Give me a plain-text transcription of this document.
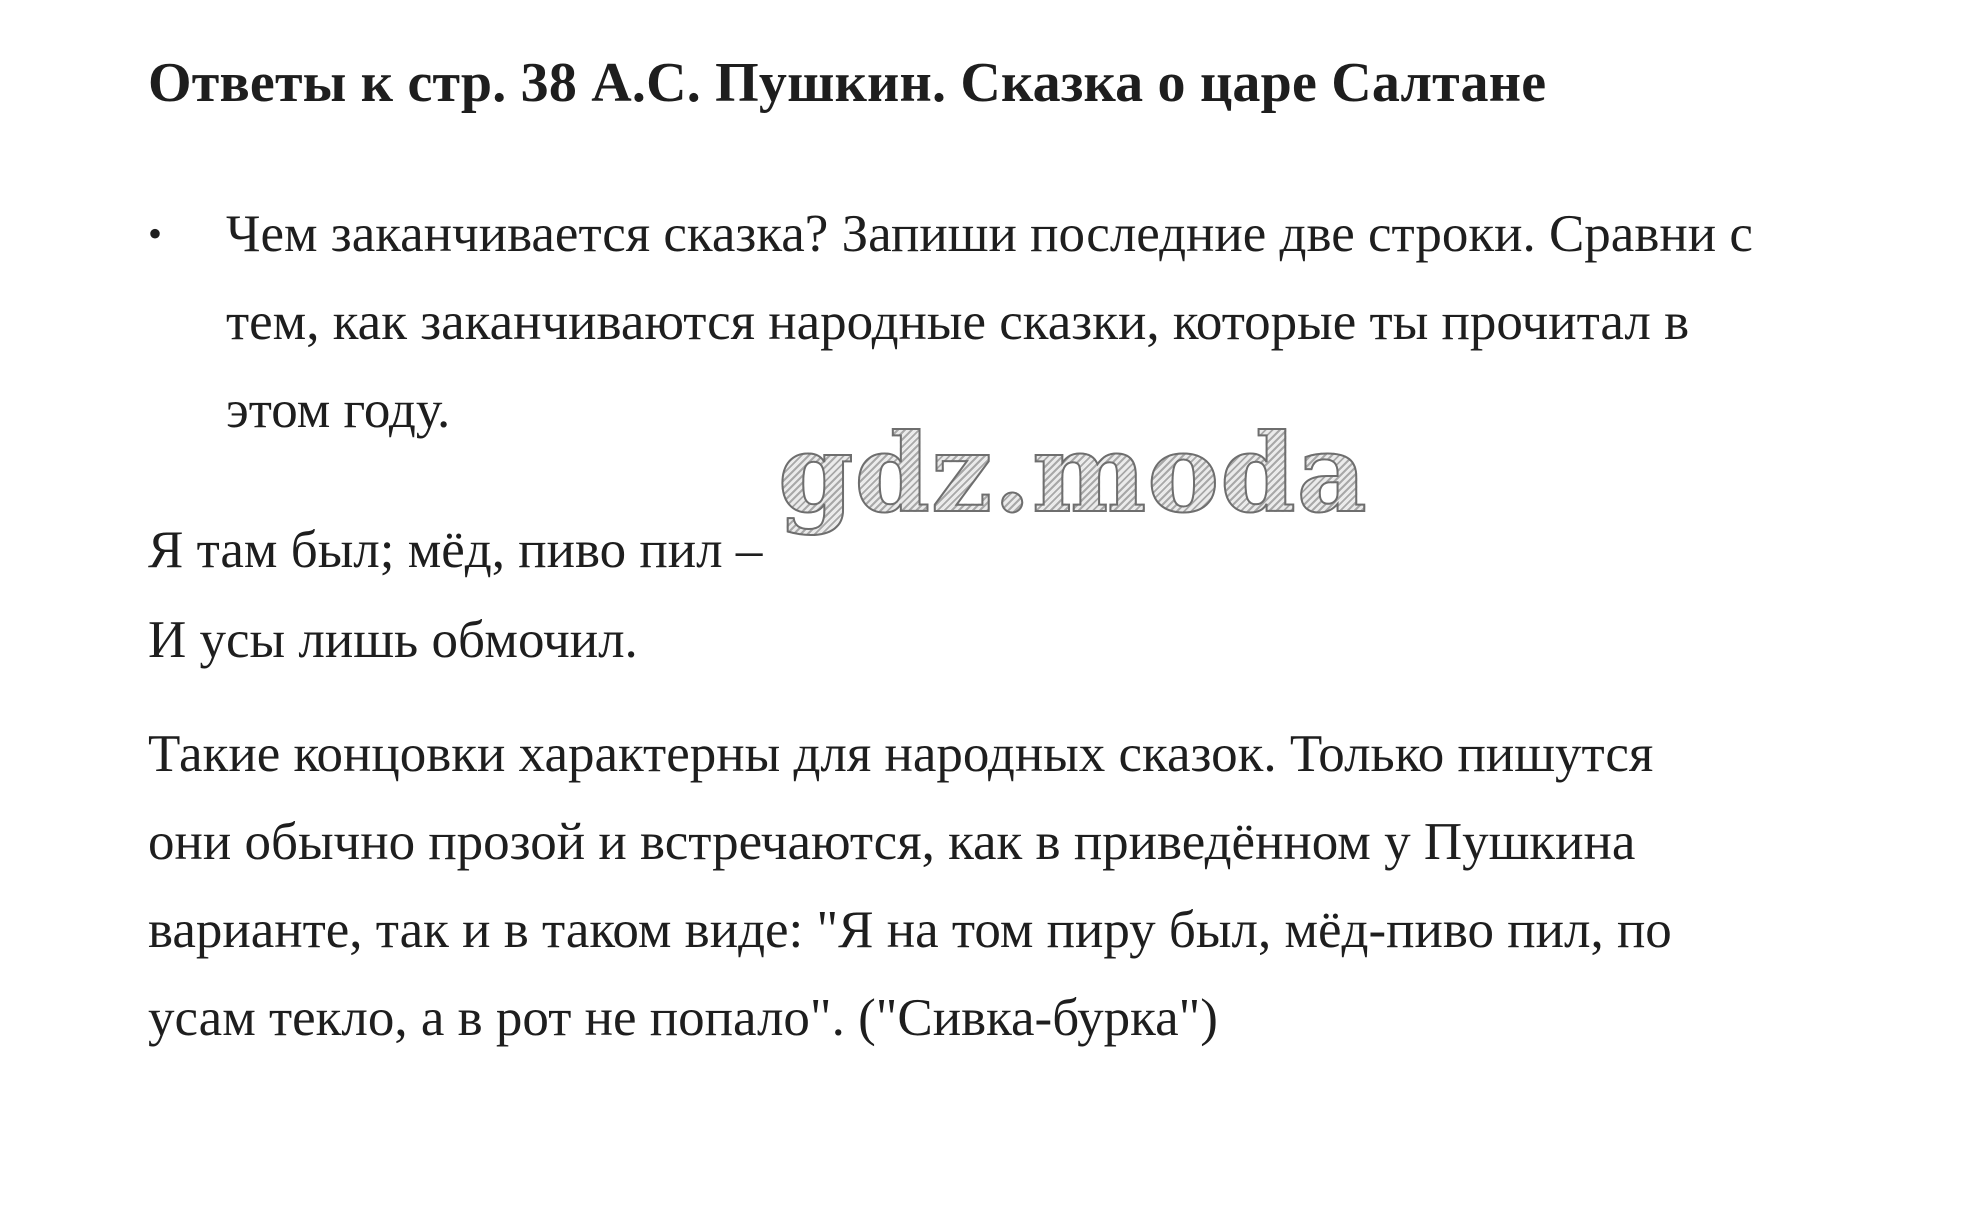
Ответы к стр. 38 А.С. Пушкин. Сказка о царе Салтане
• Чем заканчивается сказка? Запиши последние две строки. Сравни с
тем, как заканчиваются народные сказки, которые ты прочитал в
этом году.
Я там был; мёд, пиво пил –
И усы лишь обмочил.
Такие концовки характерны для народных сказок. Только пишутся
они обычно прозой и встречаются, как в приведённом у Пушкина
варианте, так и в таком виде: "Я на том пиру был, мёд-пиво пил, по
усам текло, а в рот не попало". ("Сивка-бурка")
gdz.moda
